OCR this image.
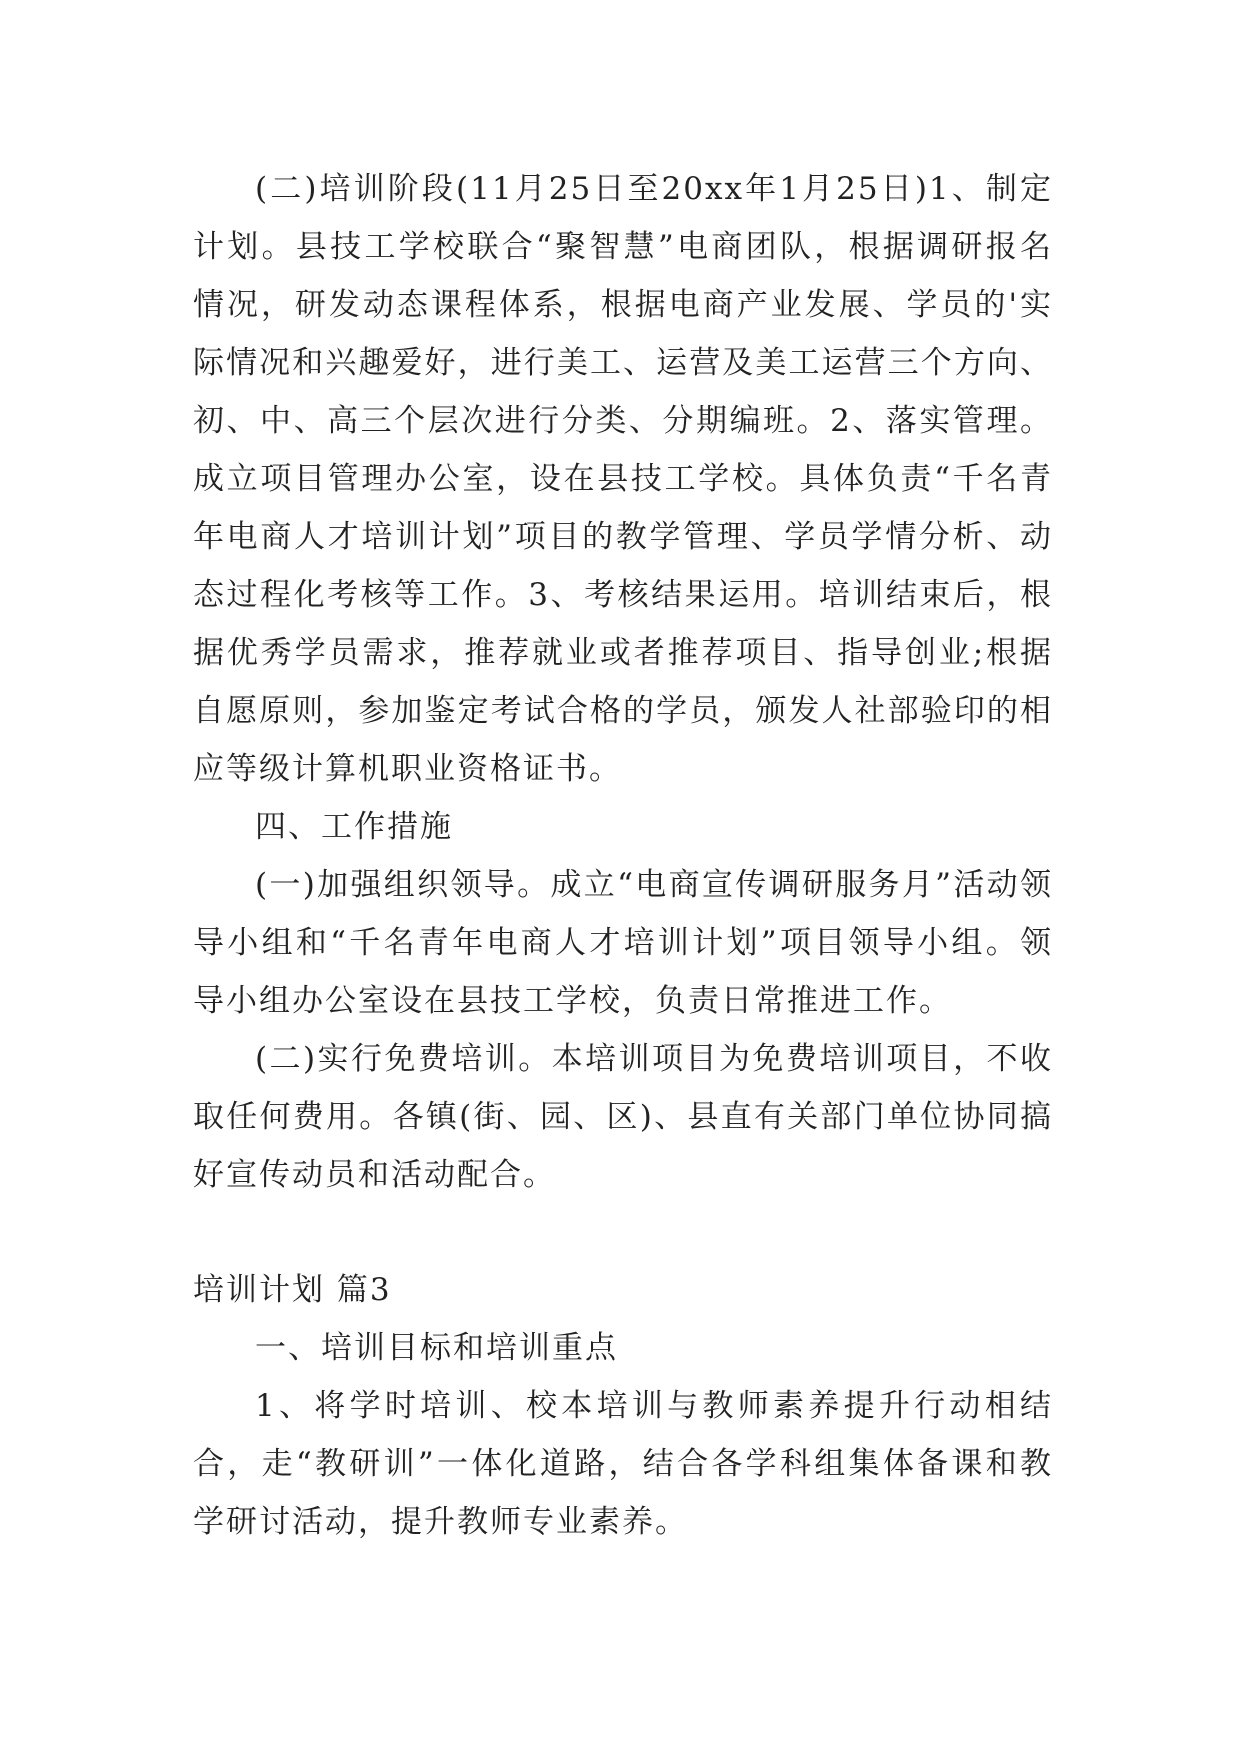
(二)培训阶段(11月25日至20xx年1月25日)1、制定计划。县技工学校联合“聚智慧”电商团队，根据调研报名情况，研发动态课程体系，根据电商产业发展、学员的'实际情况和兴趣爱好，进行美工、运营及美工运营三个方向、初、中、高三个层次进行分类、分期编班。2、落实管理。成立项目管理办公室，设在县技工学校。具体负责“千名青年电商人才培训计划”项目的教学管理、学员学情分析、动态过程化考核等工作。3、考核结果运用。培训结束后，根据优秀学员需求，推荐就业或者推荐项目、指导创业;根据自愿原则，参加鉴定考试合格的学员，颁发人社部验印的相应等级计算机职业资格证书。

四、工作措施

(一)加强组织领导。成立“电商宣传调研服务月”活动领导小组和“千名青年电商人才培训计划”项目领导小组。领导小组办公室设在县技工学校，负责日常推进工作。

(二)实行免费培训。本培训项目为免费培训项目，不收取任何费用。各镇(街、园、区)、县直有关部门单位协同搞好宣传动员和活动配合。

培训计划 篇3

一、培训目标和培训重点

1、将学时培训、校本培训与教师素养提升行动相结合，走“教研训”一体化道路，结合各学科组集体备课和教学研讨活动，提升教师专业素养。
